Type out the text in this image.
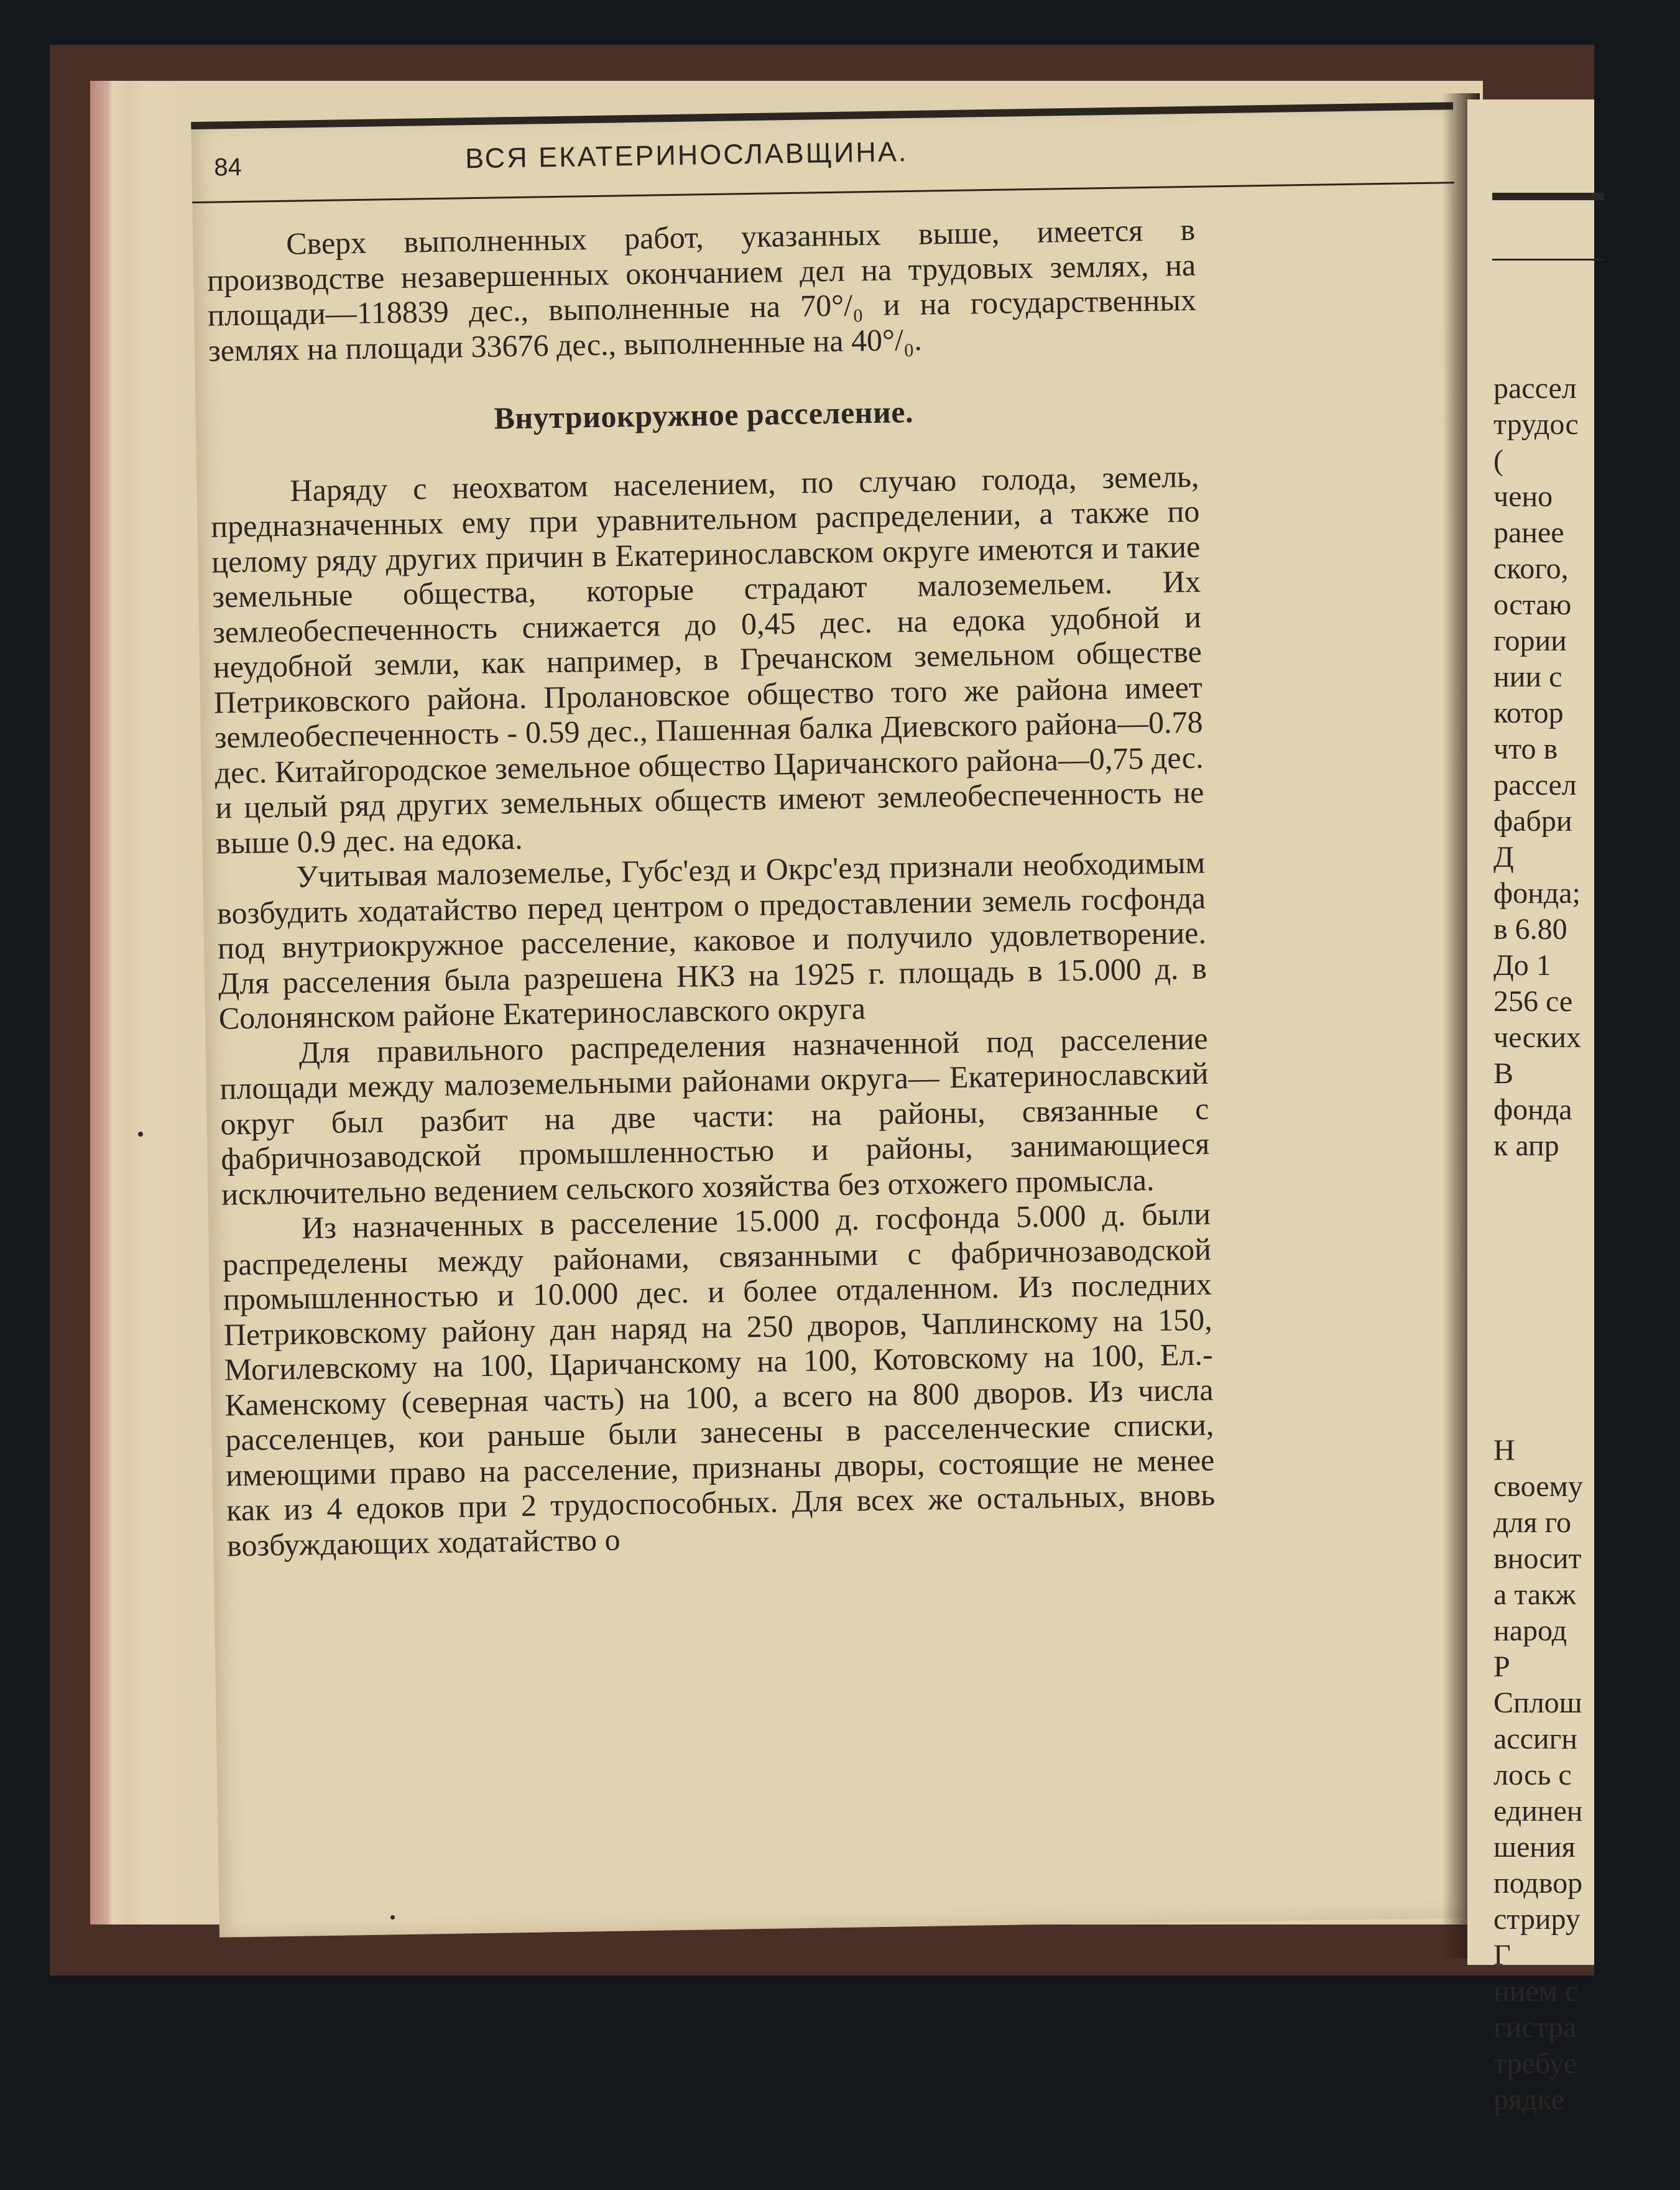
84	ВСЯ ЕКАТЕРИНОСЛАВЩИНА.

Сверх выполненных работ, указанных выше, имеется в производстве незавершенных окончанием дел на трудовых землях, на площади—118839 дес., выполненные на 70°/₀ и на государственных землях на площади 33676 дес., выполненные на 40°/₀.

Внутриокружное расселение.

Наряду с неохватом населением, по случаю голода, земель, предназначенных ему при уравнительном распределении, а также по целому ряду других причин в Екатеринославском округе имеются и такие земельные общества, которые страдают малоземельем. Их землеобеспеченность снижается до 0,45 дес. на едока удобной и неудобной земли, как например, в Гречанском земельном обществе Петриковского района. Пролановское общество того же района имеет землеобеспеченность - 0.59 дес., Пашенная балка Диевского района—0.78 дес. Китайгородское земельное общество Царичанского района—0,75 дес. и целый ряд других земельных обществ имеют землеобеспеченность не выше 0.9 дес. на едока.

Учитывая малоземелье, Губс'езд и Окрс'езд признали необходимым возбудить ходатайство перед центром о предоставлении земель госфонда под внутриокружное расселение, каковое и получило удовлетворение. Для расселения была разрешена НКЗ на 1925 г. площадь в 15.000 д. в Солонянском районе Екатеринославского округа

Для правильного распределения назначенной под расселение площади между малоземельными районами округа— Екатеринославский округ был разбит на две части: на районы, связанные с фабричнозаводской промышленностью и районы, занимающиеся исключительно ведением сельского хозяйства без отхожего промысла.

Из назначенных в расселение 15.000 д. госфонда 5.000 д. были распределены между районами, связанными с фабричнозаводской промышленностью и 10.000 дес. и более отдаленном. Из последних Петриковскому району дан наряд на 250 дворов, Чаплинскому на 150, Могилевскому на 100, Царичанскому на 100, Котовскому на 100, Ел.-Каменскому (северная часть) на 100, а всего на 800 дворов. Из числа расселенцев, кои раньше были занесены в расселенческие списки, имеющими право на расселение, признаны дворы, состоящие не менее как из 4 едоков при 2 трудоспособных. Для всех же остальных, вновь возбуждающих ходатайство о

рассел
трудос
(
чено
ранее
ского,
остаю
гории
нии с
котор
что в
рассел
фабри
Д
фонда;
в 6.80
До 1
256 се
ческих
В
фонда
к апр

Н
своему
для го
вносит
а такж
народ
Р
Сплош
ассигн
лось с
единен
шения
подвор
стриру
Г
нием с
гистра
требуе
рядке
